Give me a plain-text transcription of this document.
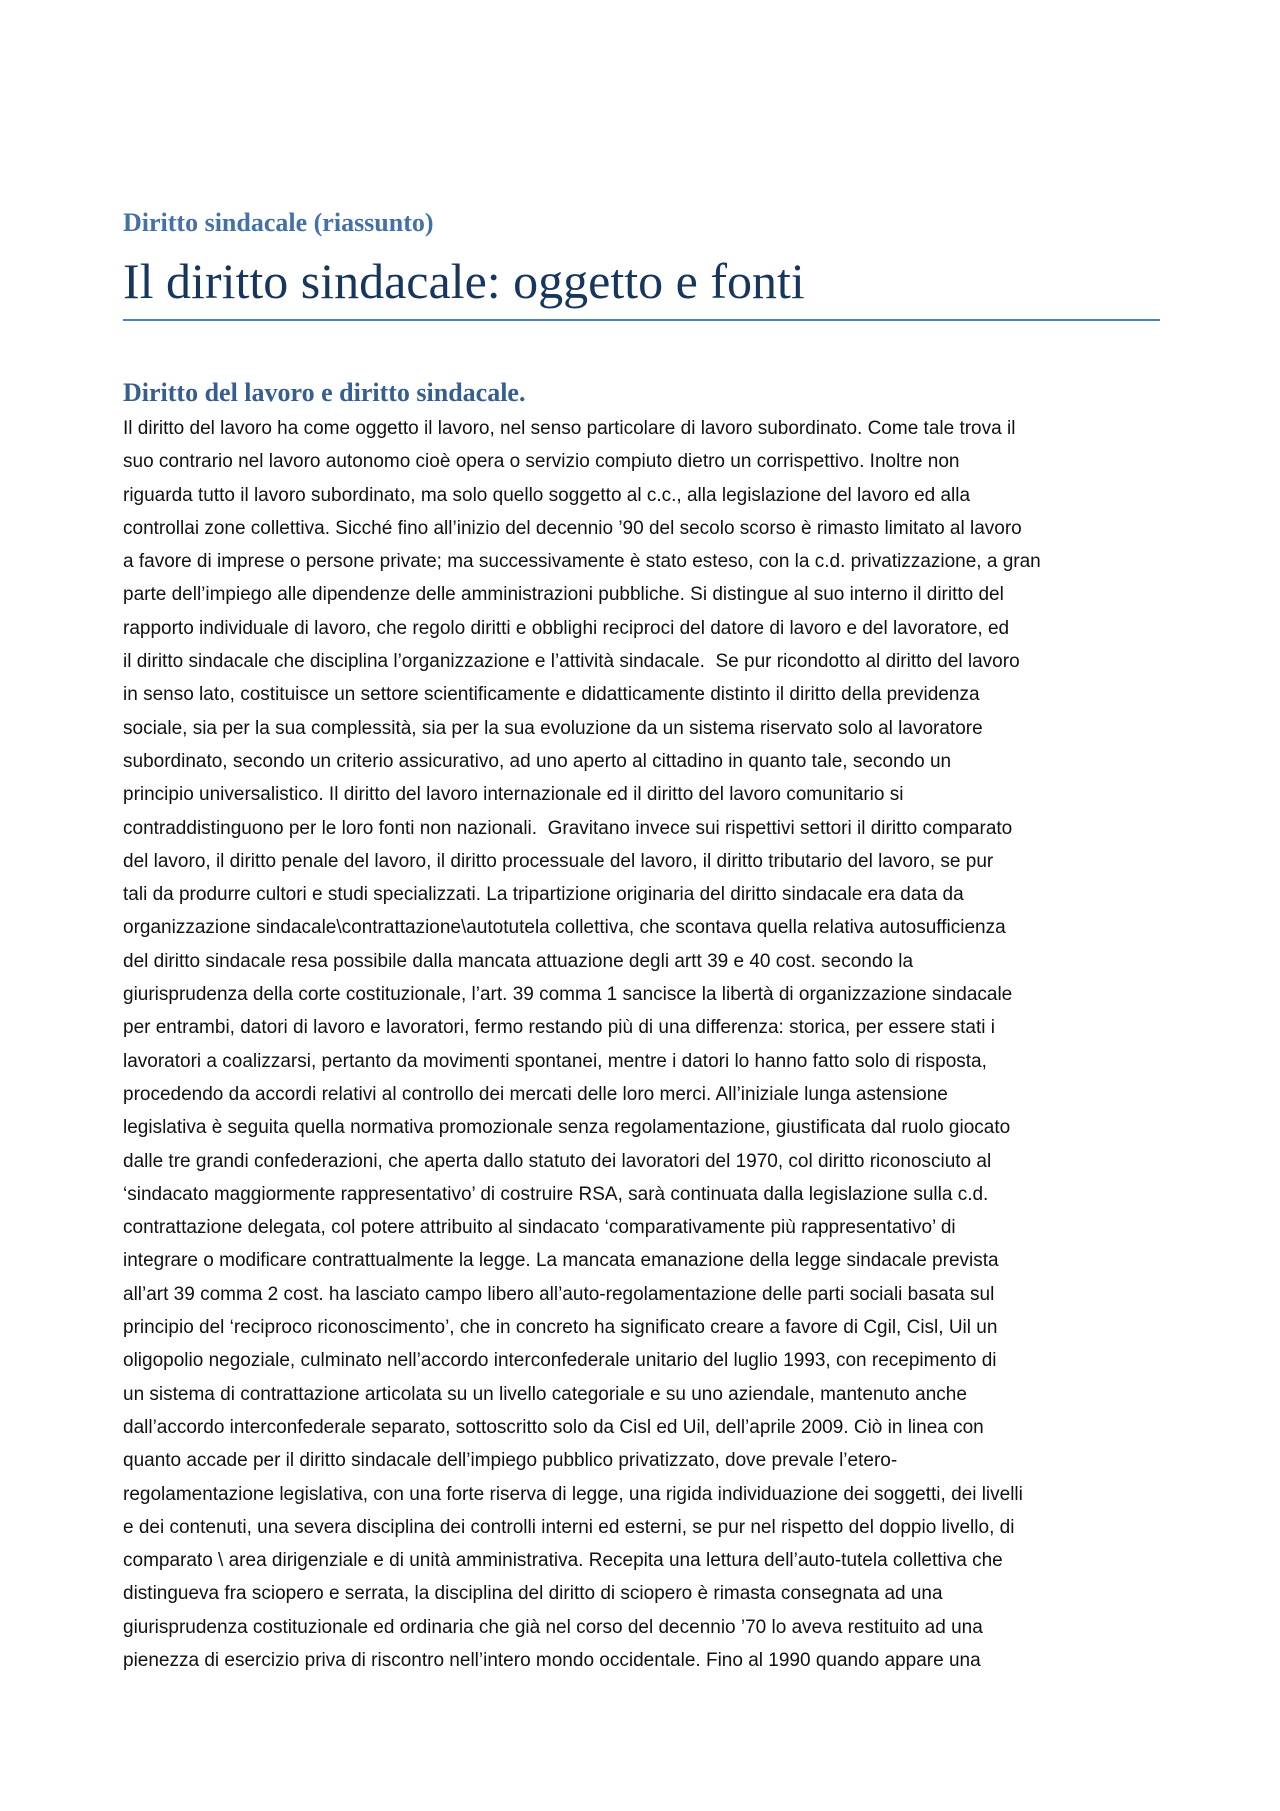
Diritto sindacale (riassunto)
Il diritto sindacale: oggetto e fonti
Diritto del lavoro e diritto sindacale.
Il diritto del lavoro ha come oggetto il lavoro, nel senso particolare di lavoro subordinato. Come tale trova il
suo contrario nel lavoro autonomo cioè opera o servizio compiuto dietro un corrispettivo. Inoltre non
riguarda tutto il lavoro subordinato, ma solo quello soggetto al c.c., alla legislazione del lavoro ed alla
controllai zone collettiva. Sicché fino all’inizio del decennio ’90 del secolo scorso è rimasto limitato al lavoro
a favore di imprese o persone private; ma successivamente è stato esteso, con la c.d. privatizzazione, a gran
parte dell’impiego alle dipendenze delle amministrazioni pubbliche. Si distingue al suo interno il diritto del
rapporto individuale di lavoro, che regolo diritti e obblighi reciproci del datore di lavoro e del lavoratore, ed
il diritto sindacale che disciplina l’organizzazione e l’attività sindacale.  Se pur ricondotto al diritto del lavoro
in senso lato, costituisce un settore scientificamente e didatticamente distinto il diritto della previdenza
sociale, sia per la sua complessità, sia per la sua evoluzione da un sistema riservato solo al lavoratore
subordinato, secondo un criterio assicurativo, ad uno aperto al cittadino in quanto tale, secondo un
principio universalistico. Il diritto del lavoro internazionale ed il diritto del lavoro comunitario si
contraddistinguono per le loro fonti non nazionali.  Gravitano invece sui rispettivi settori il diritto comparato
del lavoro, il diritto penale del lavoro, il diritto processuale del lavoro, il diritto tributario del lavoro, se pur
tali da produrre cultori e studi specializzati. La tripartizione originaria del diritto sindacale era data da
organizzazione sindacale\contrattazione\autotutela collettiva, che scontava quella relativa autosufficienza
del diritto sindacale resa possibile dalla mancata attuazione degli artt 39 e 40 cost. secondo la
giurisprudenza della corte costituzionale, l’art. 39 comma 1 sancisce la libertà di organizzazione sindacale
per entrambi, datori di lavoro e lavoratori, fermo restando più di una differenza: storica, per essere stati i
lavoratori a coalizzarsi, pertanto da movimenti spontanei, mentre i datori lo hanno fatto solo di risposta,
procedendo da accordi relativi al controllo dei mercati delle loro merci. All’iniziale lunga astensione
legislativa è seguita quella normativa promozionale senza regolamentazione, giustificata dal ruolo giocato
dalle tre grandi confederazioni, che aperta dallo statuto dei lavoratori del 1970, col diritto riconosciuto al
‘sindacato maggiormente rappresentativo’ di costruire RSA, sarà continuata dalla legislazione sulla c.d.
contrattazione delegata, col potere attribuito al sindacato ‘comparativamente più rappresentativo’ di
integrare o modificare contrattualmente la legge. La mancata emanazione della legge sindacale prevista
all’art 39 comma 2 cost. ha lasciato campo libero all’auto-regolamentazione delle parti sociali basata sul
principio del ‘reciproco riconoscimento’, che in concreto ha significato creare a favore di Cgil, Cisl, Uil un
oligopolio negoziale, culminato nell’accordo interconfederale unitario del luglio 1993, con recepimento di
un sistema di contrattazione articolata su un livello categoriale e su uno aziendale, mantenuto anche
dall’accordo interconfederale separato, sottoscritto solo da Cisl ed Uil, dell’aprile 2009. Ciò in linea con
quanto accade per il diritto sindacale dell’impiego pubblico privatizzato, dove prevale l’etero-
regolamentazione legislativa, con una forte riserva di legge, una rigida individuazione dei soggetti, dei livelli
e dei contenuti, una severa disciplina dei controlli interni ed esterni, se pur nel rispetto del doppio livello, di
comparato \ area dirigenziale e di unità amministrativa. Recepita una lettura dell’auto-tutela collettiva che
distingueva fra sciopero e serrata, la disciplina del diritto di sciopero è rimasta consegnata ad una
giurisprudenza costituzionale ed ordinaria che già nel corso del decennio ’70 lo aveva restituito ad una
pienezza di esercizio priva di riscontro nell’intero mondo occidentale. Fino al 1990 quando appare una
